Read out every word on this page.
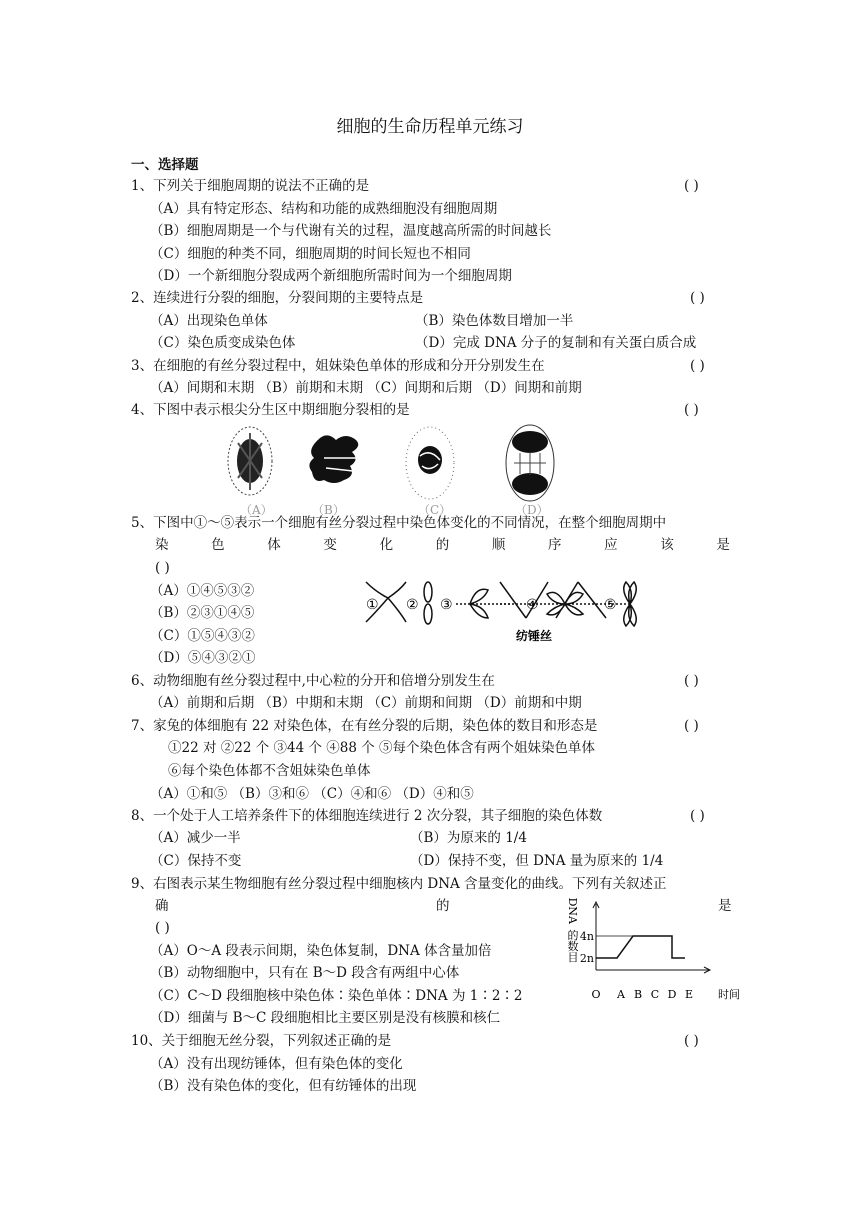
细胞的生命历程单元练习
一、选择题
1、下列关于细胞周期的说法不正确的是	( )
（A）具有特定形态、结构和功能的成熟细胞没有细胞周期
（B）细胞周期是一个与代谢有关的过程，温度越高所需的时间越长
（C）细胞的种类不同，细胞周期的时间长短也不相同
（D）一个新细胞分裂成两个新细胞所需时间为一个细胞周期
2、连续进行分裂的细胞，分裂间期的主要特点是	( )
（A）出现染色单体	（B）染色体数目增加一半
（C）染色质变成染色体	（D）完成 DNA 分子的复制和有关蛋白质合成
3、在细胞的有丝分裂过程中，姐妹染色单体的形成和分开分别发生在	( )
（A）间期和末期 （B）前期和末期 （C）间期和后期 （D）间期和前期
4、下图中表示根尖分生区中期细胞分裂相的是	( )
（A）	（B）	（C）	（D）
5、下图中①～⑤表示一个细胞有丝分裂过程中染色体变化的不同情况，在整个细胞周期中
染	色	体	变	化	的	顺	序	应	该	是
( )
（A）①④⑤③②
（B）②③①④⑤
（C）①⑤④③②
（D）⑤④③②①
① ② ③	④	⑤
纺锤丝
6、动物细胞有丝分裂过程中,中心粒的分开和倍增分别发生在	( )
（A）前期和后期 （B）中期和末期 （C）前期和间期 （D）前期和中期
7、家兔的体细胞有 22 对染色体，在有丝分裂的后期，染色体的数目和形态是	( )
①22 对 ②22 个 ③44 个 ④88 个 ⑤每个染色体含有两个姐妹染色单体
⑥每个染色体都不含姐妹染色单体
（A）①和⑤ （B）③和⑥ （C）④和⑥ （D）④和⑤
8、一个处于人工培养条件下的体细胞连续进行 2 次分裂，其子细胞的染色体数	( )
（A）减少一半	（B）为原来的 1/4
（C）保持不变	（D）保持不变，但 DNA 量为原来的 1/4
9、右图表示某生物细胞有丝分裂过程中细胞核内 DNA 含量变化的曲线。下列有关叙述正
确	的	是
( )
（A）O～A 段表示间期，染色体复制，DNA 体含量加倍
（B）动物细胞中，只有在 B～D 段含有两组中心体
（C）C～D 段细胞核中染色体∶染色单体∶DNA 为 1∶2∶2
（D）细菌与 B～C 段细胞相比主要区别是没有核膜和核仁
D
N
A
的
数
目 2n
4n
O A B C D E 时间
10、关于细胞无丝分裂，下列叙述正确的是	( )
（A）没有出现纺锤体，但有染色体的变化
（B）没有染色体的变化，但有纺锤体的出现
